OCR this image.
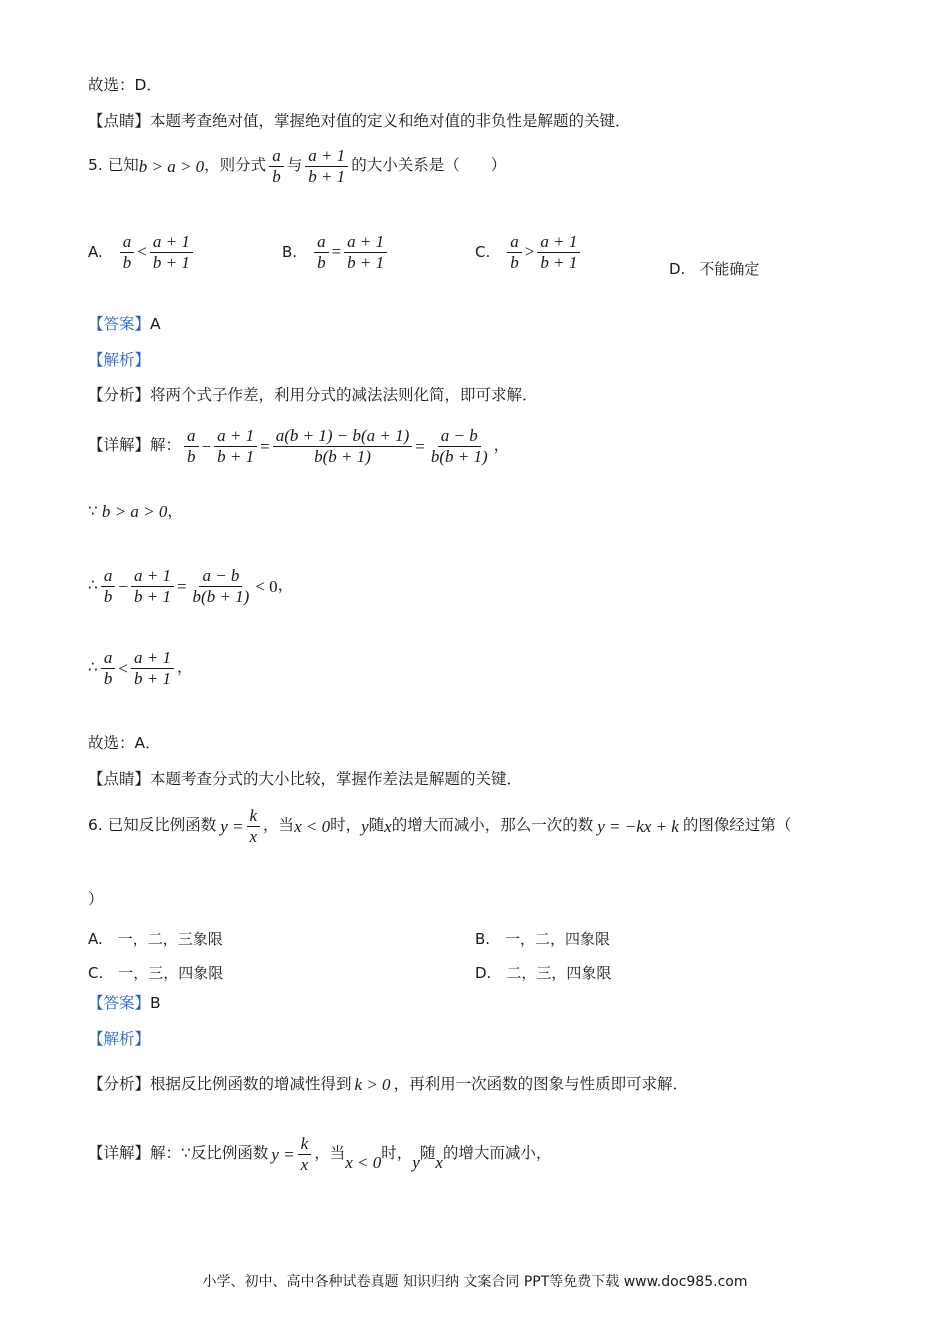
故选：D．
【点睛】本题考查绝对值，掌握绝对值的定义和绝对值的非负性是解题的关键．
5. 已知 b > a > 0 ，则分式 $\frac{a}{b}$ 与 $\frac{a + 1}{b + 1}$ 的大小关系是（　　）
A. $\frac{a}{b} < \frac{a + 1}{b + 1}$	B. $\frac{a}{b} = \frac{a + 1}{b + 1}$	C. $\frac{a}{b} > \frac{a + 1}{b + 1}$	D. 不能确定
【答案】A
【解析】
【分析】将两个式子作差，利用分式的减法法则化简，即可求解．
【详解】 解： $\frac{a}{b} - \frac{a + 1}{b + 1} = \frac{a(b + 1) - b(a + 1)}{b(b + 1)} = \frac{a - b}{b(b + 1)}$ ，
∵ b > a > 0 ，
∴ $\frac{a}{b} - \frac{a + 1}{b + 1} = \frac{a - b}{b(b + 1)} < 0$ ，
∴ $\frac{a}{b} < \frac{a + 1}{b + 1}$ ，
故选：A．
【点睛】本题考查分式的大小比较，掌握作差法是解题的关键．
6. 已知反比例函数 $y = \frac{k}{x}$ ，当 x < 0 时， y 随 x 的增大而减小，那么一次的数 y = −kx + k 的图像经过第（
）
A.　一，二，三象限	B.　一，二，四象限
C.　一，三，四象限	D.　二，三，四象限
【答案】B
【解析】
【分析】 根据反比例函数的增减性得到 k > 0 ，再利用一次函数的图象与性质即可求解．
【详解】 解：∵反比例函数 $y = \frac{k}{x}$ ，当 x < 0 时， y 随 x 的增大而减小，
小学、初中、高中各种试卷真题 知识归纳 文案合同 PPT等免费下载 www.doc985.com
